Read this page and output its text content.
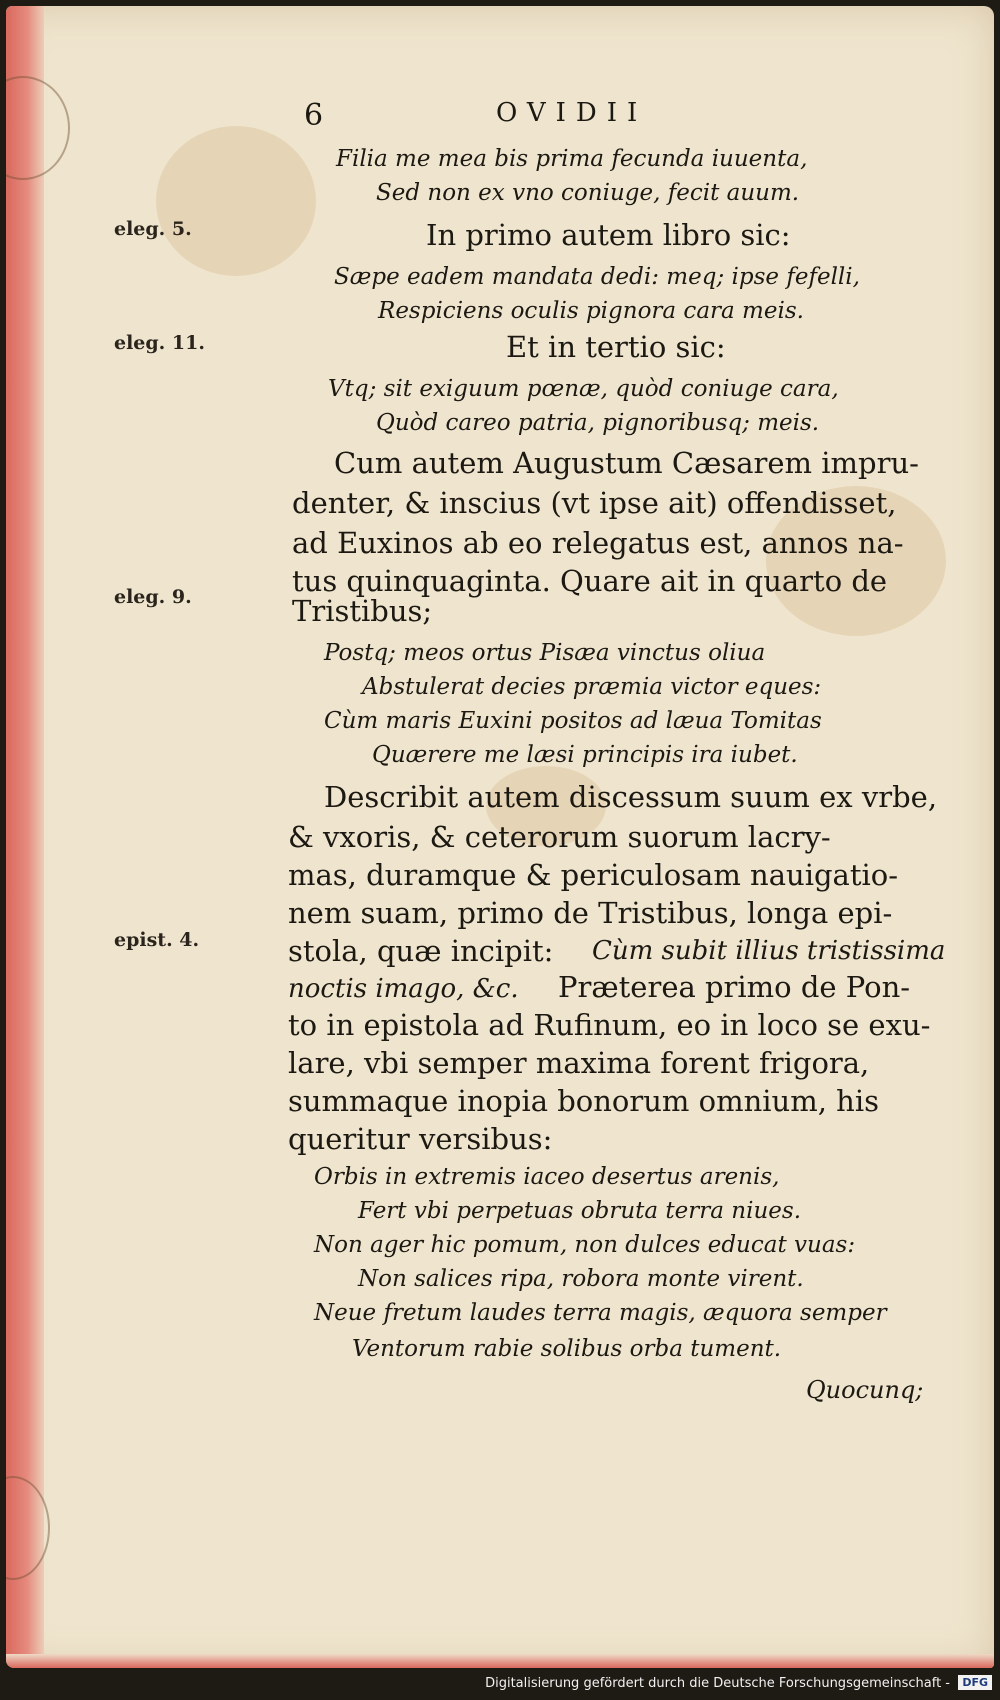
6	OVIDII
eleg. 5.
eleg. 11.
eleg. 9.
epist. 4.
Filia me mea bis prima fecunda iuuenta,
Sed non ex vno coniuge, fecit auum.
In primo autem libro sic:
Sæpe eadem mandata dedi: meq; ipse fefelli,
Respiciens oculis pignora cara meis.
Et in tertio sic:
Vtq; sit exiguum pœnæ, quòd coniuge cara,
Quòd careo patria, pignoribusq; meis.
Cum autem Augustum Cæsarem impru-
denter, & inscius (vt ipse ait) offendisset,
ad Euxinos ab eo relegatus est, annos na-
tus quinquaginta. Quare ait in quarto de
Tristibus;
Postq; meos ortus Pisæa vinctus oliua
Abstulerat decies præmia victor eques:
Cùm maris Euxini positos ad læua Tomitas
Quærere me læsi principis ira iubet.
Describit autem discessum suum ex vrbe,
& vxoris, & ceterorum suorum lacry-
mas, duramque & periculosam nauigatio-
nem suam, primo de Tristibus, longa epi-
stola, quæ incipit: Cùm subit illius tristissima
noctis imago, &c. Præterea primo de Pon-
to in epistola ad Rufinum, eo in loco se exu-
lare, vbi semper maxima forent frigora,
summaque inopia bonorum omnium, his
queritur versibus:
Orbis in extremis iaceo desertus arenis,
Fert vbi perpetuas obruta terra niues.
Non ager hic pomum, non dulces educat vuas:
Non salices ripa, robora monte virent.
Neue fretum laudes terra magis, æquora semper
Ventorum rabie solibus orba tument.
Quocunq;
Digitalisierung gefördert durch die Deutsche Forschungsgemeinschaft -	DFG
